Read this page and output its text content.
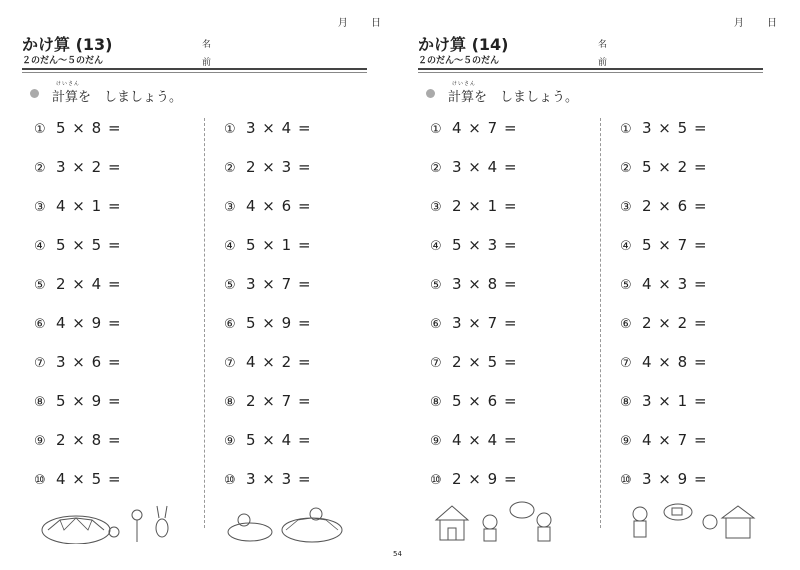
月 日
かけ算 (13)
２のだん～５のだん
名
前
けいさん
計算を　しましょう。
① 5 × 8 =
② 3 × 2 =
③ 4 × 1 =
④ 5 × 5 =
⑤ 2 × 4 =
⑥ 4 × 9 =
⑦ 3 × 6 =
⑧ 5 × 9 =
⑨ 2 × 8 =
⑩ 4 × 5 =
① 3 × 4 =
② 2 × 3 =
③ 4 × 6 =
④ 5 × 1 =
⑤ 3 × 7 =
⑥ 5 × 9 =
⑦ 4 × 2 =
⑧ 2 × 7 =
⑨ 5 × 4 =
⑩ 3 × 3 =
月 日
かけ算 (14)
２のだん～５のだん
名
前
けいさん
計算を　しましょう。
① 4 × 7 =
② 3 × 4 =
③ 2 × 1 =
④ 5 × 3 =
⑤ 3 × 8 =
⑥ 3 × 7 =
⑦ 2 × 5 =
⑧ 5 × 6 =
⑨ 4 × 4 =
⑩ 2 × 9 =
① 3 × 5 =
② 5 × 2 =
③ 2 × 6 =
④ 5 × 7 =
⑤ 4 × 3 =
⑥ 2 × 2 =
⑦ 4 × 8 =
⑧ 3 × 1 =
⑨ 4 × 7 =
⑩ 3 × 9 =
54
